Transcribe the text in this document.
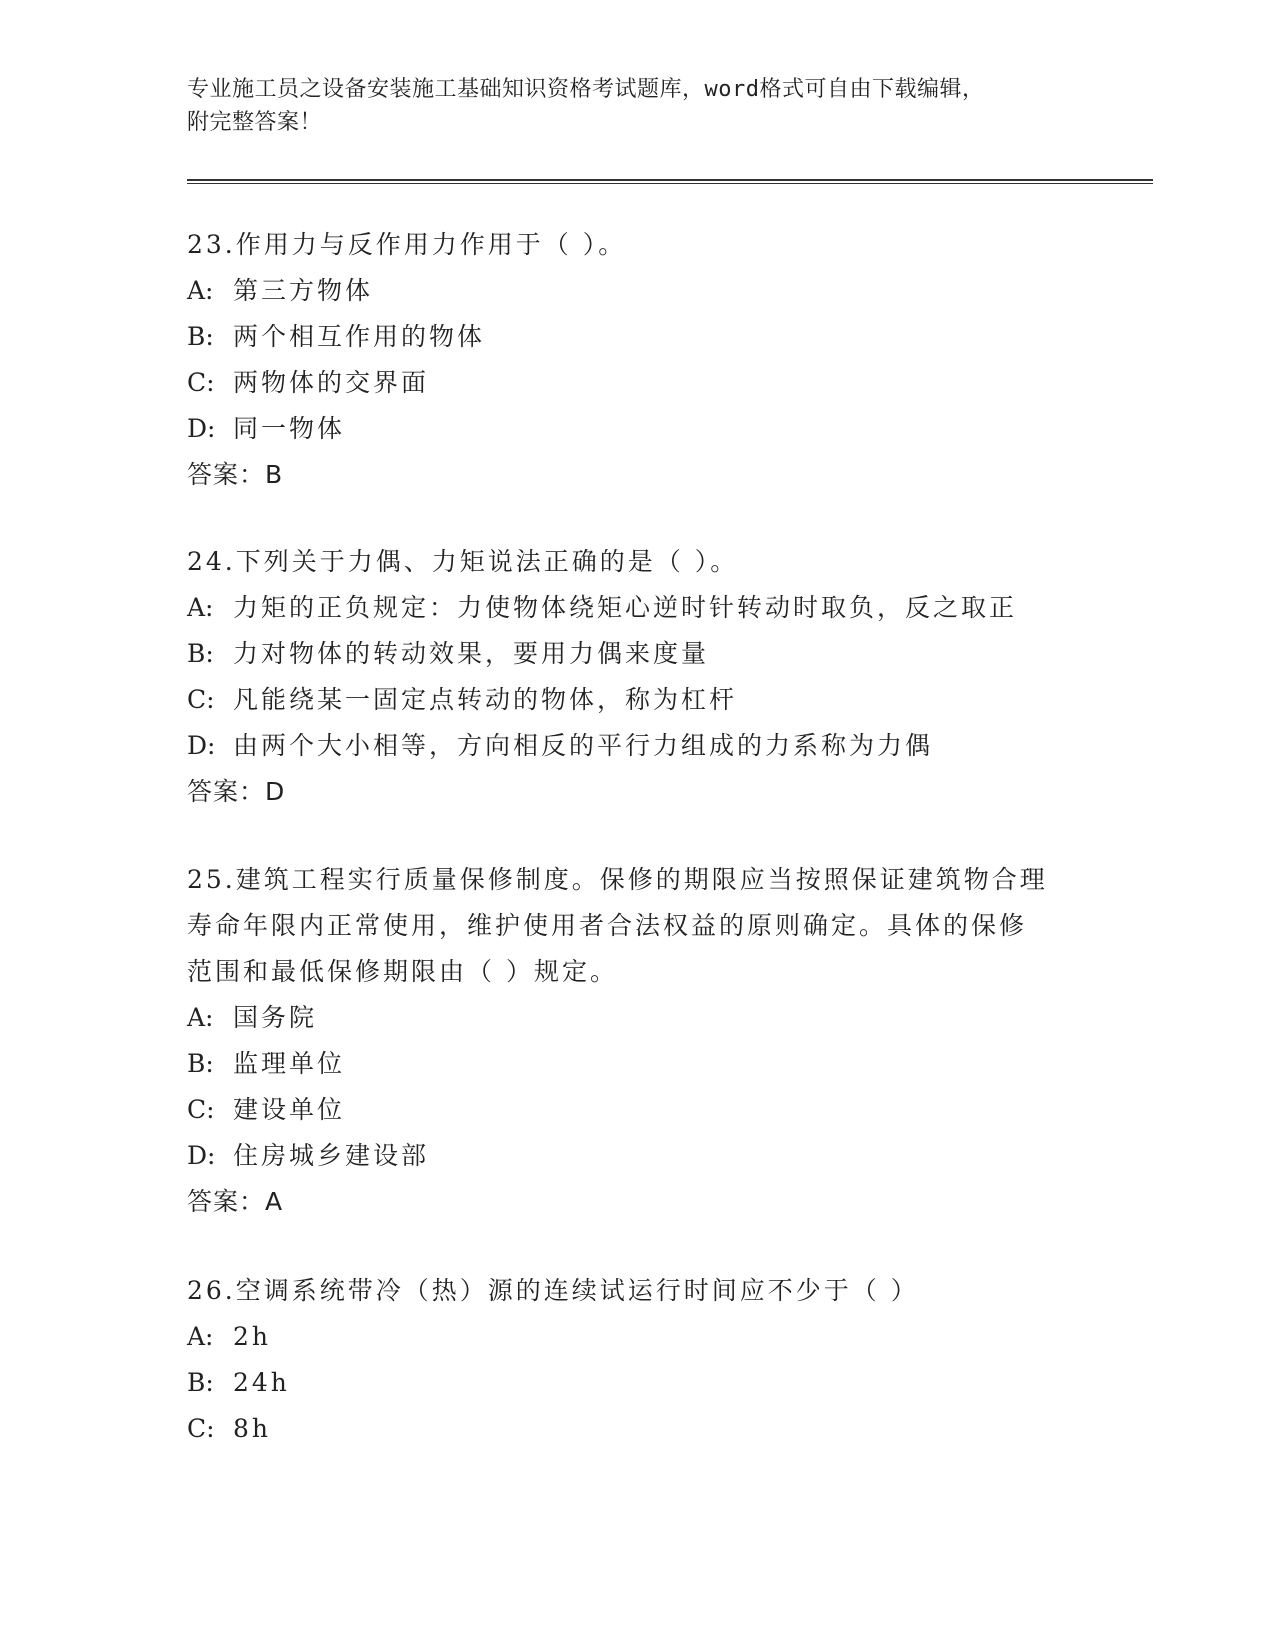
专业施工员之设备安装施工基础知识资格考试题库，word格式可自由下载编辑，
附完整答案！

23.作用力与反作用力作用于（ ）。

A: 第三方物体

B: 两个相互作用的物体

C: 两物体的交界面

D: 同一物体

答案：B

24.下列关于力偶、力矩说法正确的是（ ）。

A: 力矩的正负规定：力使物体绕矩心逆时针转动时取负，反之取正

B: 力对物体的转动效果，要用力偶来度量

C: 凡能绕某一固定点转动的物体，称为杠杆

D: 由两个大小相等，方向相反的平行力组成的力系称为力偶

答案：D

25.建筑工程实行质量保修制度。保修的期限应当按照保证建筑物合理

寿命年限内正常使用，维护使用者合法权益的原则确定。具体的保修

范围和最低保修期限由（ ）规定。

A: 国务院

B: 监理单位

C: 建设单位

D: 住房城乡建设部

答案：A

26.空调系统带冷（热）源的连续试运行时间应不少于（ ）

A: 2h

B: 24h

C: 8h
